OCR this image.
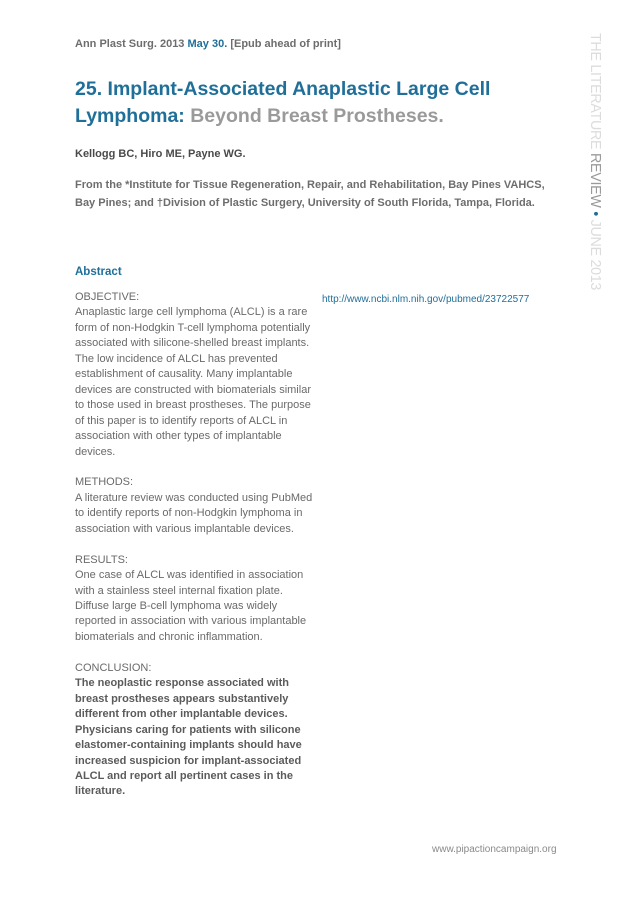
Ann Plast Surg. 2013 May 30. [Epub ahead of print]
25. Implant-Associated Anaplastic Large Cell Lymphoma: Beyond Breast Prostheses.
Kellogg BC, Hiro ME, Payne WG.
From the *Institute for Tissue Regeneration, Repair, and Rehabilitation, Bay Pines VAHCS, Bay Pines; and †Division of Plastic Surgery, University of South Florida, Tampa, Florida.
Abstract
http://www.ncbi.nlm.nih.gov/pubmed/23722577
OBJECTIVE:
Anaplastic large cell lymphoma (ALCL) is a rare form of non-Hodgkin T-cell lymphoma potentially associated with silicone-shelled breast implants. The low incidence of ALCL has prevented establishment of causality. Many implantable devices are constructed with biomaterials similar to those used in breast prostheses. The purpose of this paper is to identify reports of ALCL in association with other types of implantable devices.
METHODS:
A literature review was conducted using PubMed to identify reports of non-Hodgkin lymphoma in association with various implantable devices.
RESULTS:
One case of ALCL was identified in association with a stainless steel internal fixation plate. Diffuse large B-cell lymphoma was widely reported in association with various implantable biomaterials and chronic inflammation.
CONCLUSION:
The neoplastic response associated with breast prostheses appears substantively different from other implantable devices. Physicians caring for patients with silicone elastomer-containing implants should have increased suspicion for implant-associated ALCL and report all pertinent cases in the literature.
THE LITERATURE REVIEW • JUNE 2013
www.pipactioncampaign.org
